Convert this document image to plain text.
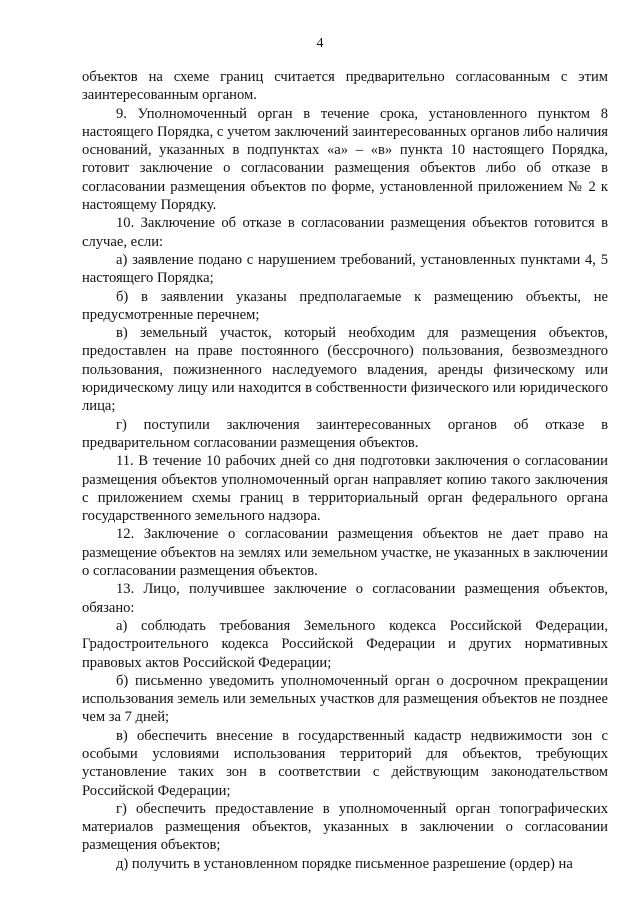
4

объектов на схеме границ считается предварительно согласованным с этим заинтересованным органом.

9. Уполномоченный орган в течение срока, установленного пунктом 8 настоящего Порядка, с учетом заключений заинтересованных органов либо наличия оснований, указанных в подпунктах «а» – «в» пункта 10 настоящего Порядка, готовит заключение о согласовании размещения объектов либо об отказе в согласовании размещения объектов по форме, установленной приложением № 2 к настоящему Порядку.

10. Заключение об отказе в согласовании размещения объектов готовится в случае, если:

а) заявление подано с нарушением требований, установленных пунктами 4, 5 настоящего Порядка;

б) в заявлении указаны предполагаемые к размещению объекты, не предусмотренные перечнем;

в) земельный участок, который необходим для размещения объектов, предоставлен на праве постоянного (бессрочного) пользования, безвозмездного пользования, пожизненного наследуемого владения, аренды физическому или юридическому лицу или находится в собственности физического или юридического лица;

г) поступили заключения заинтересованных органов об отказе в предварительном согласовании размещения объектов.

11. В течение 10 рабочих дней со дня подготовки заключения о согласовании размещения объектов уполномоченный орган направляет копию такого заключения с приложением схемы границ в территориальный орган федерального органа государственного земельного надзора.

12. Заключение о согласовании размещения объектов не дает право на размещение объектов на землях или земельном участке, не указанных в заключении о согласовании размещения объектов.

13. Лицо, получившее заключение о согласовании размещения объектов, обязано:

а) соблюдать требования Земельного кодекса Российской Федерации, Градостроительного кодекса Российской Федерации и других нормативных правовых актов Российской Федерации;

б) письменно уведомить уполномоченный орган о досрочном прекращении использования земель или земельных участков для размещения объектов не позднее чем за 7 дней;

в) обеспечить внесение в государственный кадастр недвижимости зон с особыми условиями использования территорий для объектов, требующих установление таких зон в соответствии с действующим законодательством Российской Федерации;

г) обеспечить предоставление в уполномоченный орган топографических материалов размещения объектов, указанных в заключении о согласовании размещения объектов;

д) получить в установленном порядке письменное разрешение (ордер) на
